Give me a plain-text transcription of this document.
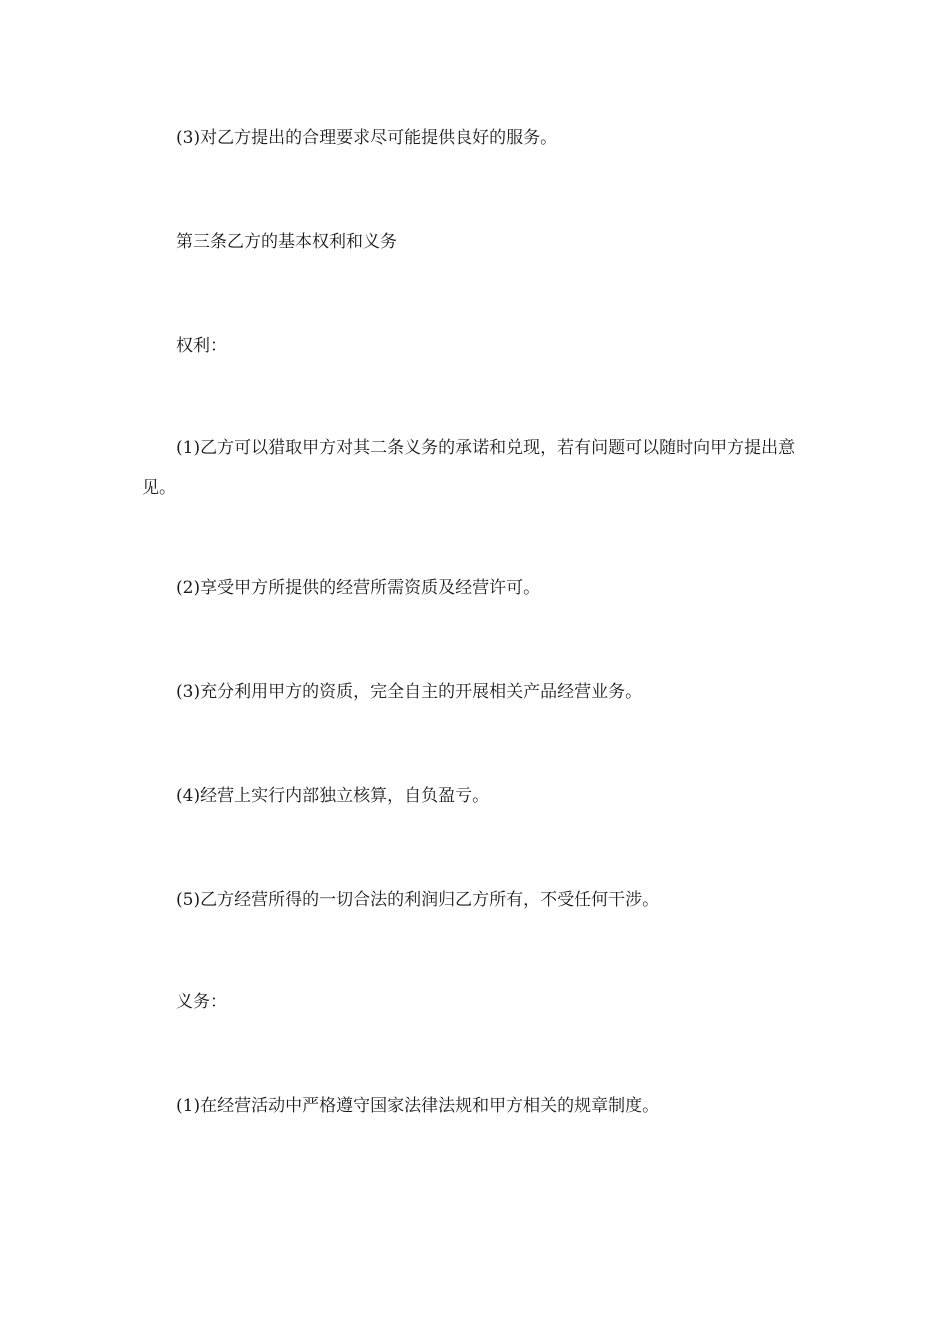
(3)对乙方提出的合理要求尽可能提供良好的服务。

第三条乙方的基本权利和义务

权利：

(1)乙方可以猎取甲方对其二条义务的承诺和兑现，若有问题可以随时向甲方提出意见。

(2)享受甲方所提供的经营所需资质及经营许可。

(3)充分利用甲方的资质，完全自主的开展相关产品经营业务。

(4)经营上实行内部独立核算，自负盈亏。

(5)乙方经营所得的一切合法的利润归乙方所有，不受任何干涉。

义务：

(1)在经营活动中严格遵守国家法律法规和甲方相关的规章制度。
